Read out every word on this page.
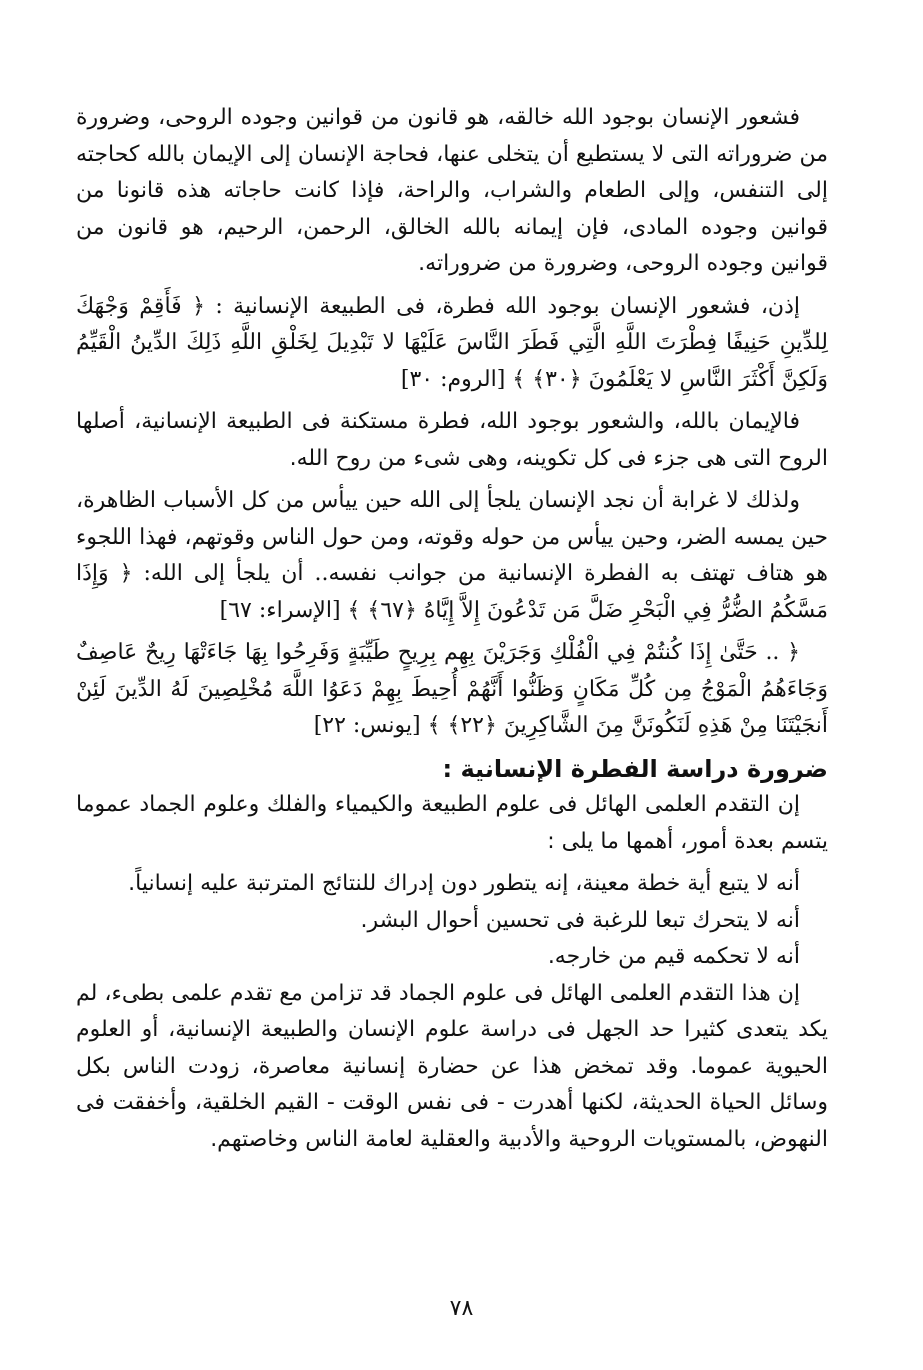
فشعور الإنسان بوجود الله خالقه، هو قانون من قوانين وجوده الروحى، وضرورة من ضروراته التى لا يستطيع أن يتخلى عنها، فحاجة الإنسان إلى الإيمان بالله كحاجته إلى التنفس، وإلى الطعام والشراب، والراحة، فإذا كانت حاجاته هذه قانونا من قوانين وجوده المادى، فإن إيمانه بالله الخالق، الرحمن، الرحيم، هو قانون من قوانين وجوده الروحى، وضرورة من ضروراته.

إذن، فشعور الإنسان بوجود الله فطرة، فى الطبيعة الإنسانية : ﴿ فَأَقِمْ وَجْهَكَ لِلدِّينِ حَنِيفًا فِطْرَتَ اللَّهِ الَّتِي فَطَرَ النَّاسَ عَلَيْهَا لا تَبْدِيلَ لِخَلْقِ اللَّهِ ذَلِكَ الدِّينُ الْقَيِّمُ وَلَكِنَّ أَكْثَرَ النَّاسِ لا يَعْلَمُونَ ﴿٣٠﴾ ﴾ [الروم: ٣٠]

فالإيمان بالله، والشعور بوجود الله، فطرة مستكنة فى الطبيعة الإنسانية، أصلها الروح التى هى جزء فى كل تكوينه، وهى شىء من روح الله.

ولذلك لا غرابة أن نجد الإنسان يلجأ إلى الله حين ييأس من كل الأسباب الظاهرة، حين يمسه الضر، وحين ييأس من حوله وقوته، ومن حول الناس وقوتهم، فهذا اللجوء هو هتاف تهتف به الفطرة الإنسانية من جوانب نفسه.. أن يلجأ إلى الله: ﴿ وَإِذَا مَسَّكُمُ الضُّرُّ فِي الْبَحْرِ ضَلَّ مَن تَدْعُونَ إِلاَّ إِيَّاهُ ﴿٦٧﴾ ﴾ [الإسراء: ٦٧]

﴿ .. حَتَّىٰ إِذَا كُنتُمْ فِي الْفُلْكِ وَجَرَيْنَ بِهِم بِرِيحٍ طَيِّبَةٍ وَفَرِحُوا بِهَا جَاءَتْهَا رِيحٌ عَاصِفٌ وَجَاءَهُمُ الْمَوْجُ مِن كُلِّ مَكَانٍ وَظَنُّوا أَنَّهُمْ أُحِيطَ بِهِمْ دَعَوُا اللَّهَ مُخْلِصِينَ لَهُ الدِّينَ لَئِنْ أَنجَيْتَنَا مِنْ هَذِهِ لَنَكُونَنَّ مِنَ الشَّاكِرِينَ ﴿٢٢﴾ ﴾ [يونس: ٢٢]

ضرورة دراسة الفطرة الإنسانية :

إن التقدم العلمى الهائل فى علوم الطبيعة والكيمياء والفلك وعلوم الجماد عموما يتسم بعدة أمور، أهمها ما يلى :

أنه لا يتبع أية خطة معينة، إنه يتطور دون إدراك للنتائج المترتبة عليه إنسانياً.

أنه لا يتحرك تبعا للرغبة فى تحسين أحوال البشر.

أنه لا تحكمه قيم من خارجه.

إن هذا التقدم العلمى الهائل فى علوم الجماد قد تزامن مع تقدم علمى بطىء، لم يكد يتعدى كثيرا حد الجهل فى دراسة علوم الإنسان والطبيعة الإنسانية، أو العلوم الحيوية عموما. وقد تمخض هذا عن حضارة إنسانية معاصرة، زودت الناس بكل وسائل الحياة الحديثة، لكنها أهدرت - فى نفس الوقت - القيم الخلقية، وأخفقت فى النهوض، بالمستويات الروحية والأدبية والعقلية لعامة الناس وخاصتهم.

٧٨
